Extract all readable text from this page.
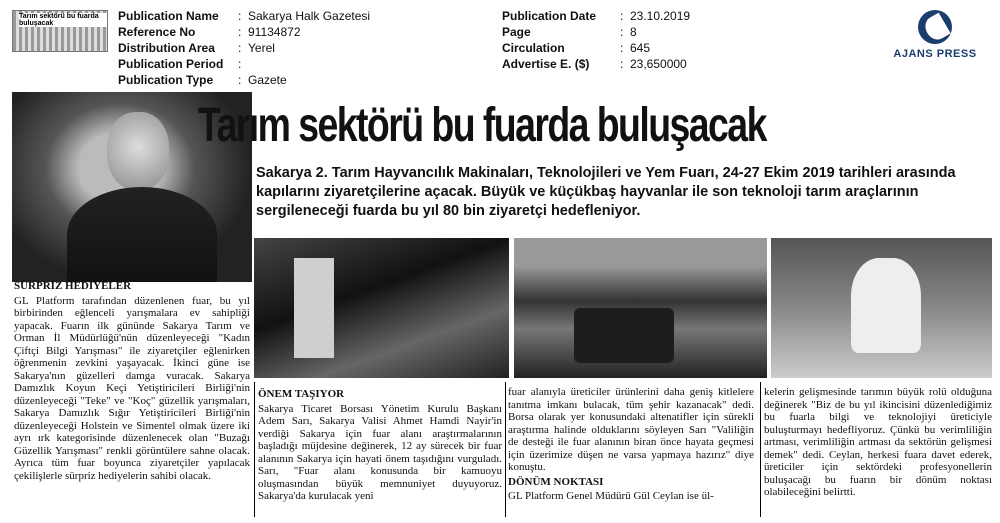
Tarım sektörü bu fuarda buluşacak
Publication Name	: Sakarya Halk Gazetesi
Reference No	: 91134872
Distribution Area	: Yerel
Publication Period	:
Publication Type	: Gazete
Publication Date	: 23.10.2019
Page	: 8
Circulation	: 645
Advertise E. ($)	: 23,650000
AJANS PRESS
Tarım sektörü bu fuarda buluşacak
Sakarya 2. Tarım Hayvancılık Makinaları, Teknolojileri ve Yem Fuarı, 24-27 Ekim 2019 tarihleri arasında kapılarını ziyaretçilerine açacak. Büyük ve küçükbaş hayvanlar ile son teknoloji tarım araçlarının sergileneceği fuarda bu yıl 80 bin ziyaretçi hedefleniyor.

SÜRPRİZ HEDİYELER

GL Platform tarafından düzenlenen fuar, bu yıl birbirinden eğlenceli yarışmalara ev sahipliği yapacak. Fuarın ilk gününde Sakarya Tarım ve Orman İl Müdürlüğü'nün düzenleyeceği "Kadın Çiftçi Bilgi Yarışması" ile ziyaretçiler eğlenirken öğrenmenin zevkini yaşayacak. İkinci güne ise Sakarya'nın güzelleri damga vuracak. Sakarya Damızlık Koyun Keçi Yetiştiricileri Birliği'nin düzenleyeceği "Teke" ve "Koç" güzellik yarışmaları, Sakarya Damızlık Sığır Yetiştiricileri Birliği'nin düzenleyeceği Holstein ve Simentel olmak üzere iki ayrı ırk kategorisinde düzenlenecek olan "Buzağı Güzellik Yarışması" renkli görüntülere sahne olacak. Ayrıca tüm fuar boyunca ziyaretçiler yapılacak çekilişlerle sürpriz hediyelerin sahibi olacak.

ÖNEM TAŞIYOR

Sakarya Ticaret Borsası Yönetim Kurulu Başkanı Adem Sarı, Sakarya Valisi Ahmet Hamdi Nayir'in verdiği Sakarya için fuar alanı araştırmalarının başladığı müjdesine değinerek, 12 ay sürecek bir fuar alanının Sakarya için hayati önem taşıdığını vurguladı. Sarı, "Fuar alanı konusunda bir kamuoyu oluşmasından büyük memnuniyet duyuyoruz. Sakarya'da kurulacak yeni

fuar alanıyla üreticiler ürünlerini daha geniş kitlelere tanıtma imkanı bulacak, tüm şehir kazanacak" dedi. Borsa olarak yer konusundaki altenatifler için sürekli araştırma halinde olduklarını söyleyen Sarı "Valiliğin de desteği ile fuar alanının biran önce hayata geçmesi için üzerimize düşen ne varsa yapmaya hazırız" diye konuştu.

DÖNÜM NOKTASI

GL Platform Genel Müdürü Gül Ceylan ise ül-

kelerin gelişmesinde tarımın büyük rolü olduğuna değinerek "Biz de bu yıl ikincisini düzenlediğimiz bu fuarla bilgi ve teknolojiyi üreticiyle buluşturmayı hedefliyoruz. Çünkü bu verimliliğin artması, verimliliğin artması da sektörün gelişmesi demek" dedi. Ceylan, herkesi fuara davet ederek, üreticiler için sektördeki profesyonellerin buluşacağı bu fuarın bir dönüm noktası olabileceğini belirtti.
